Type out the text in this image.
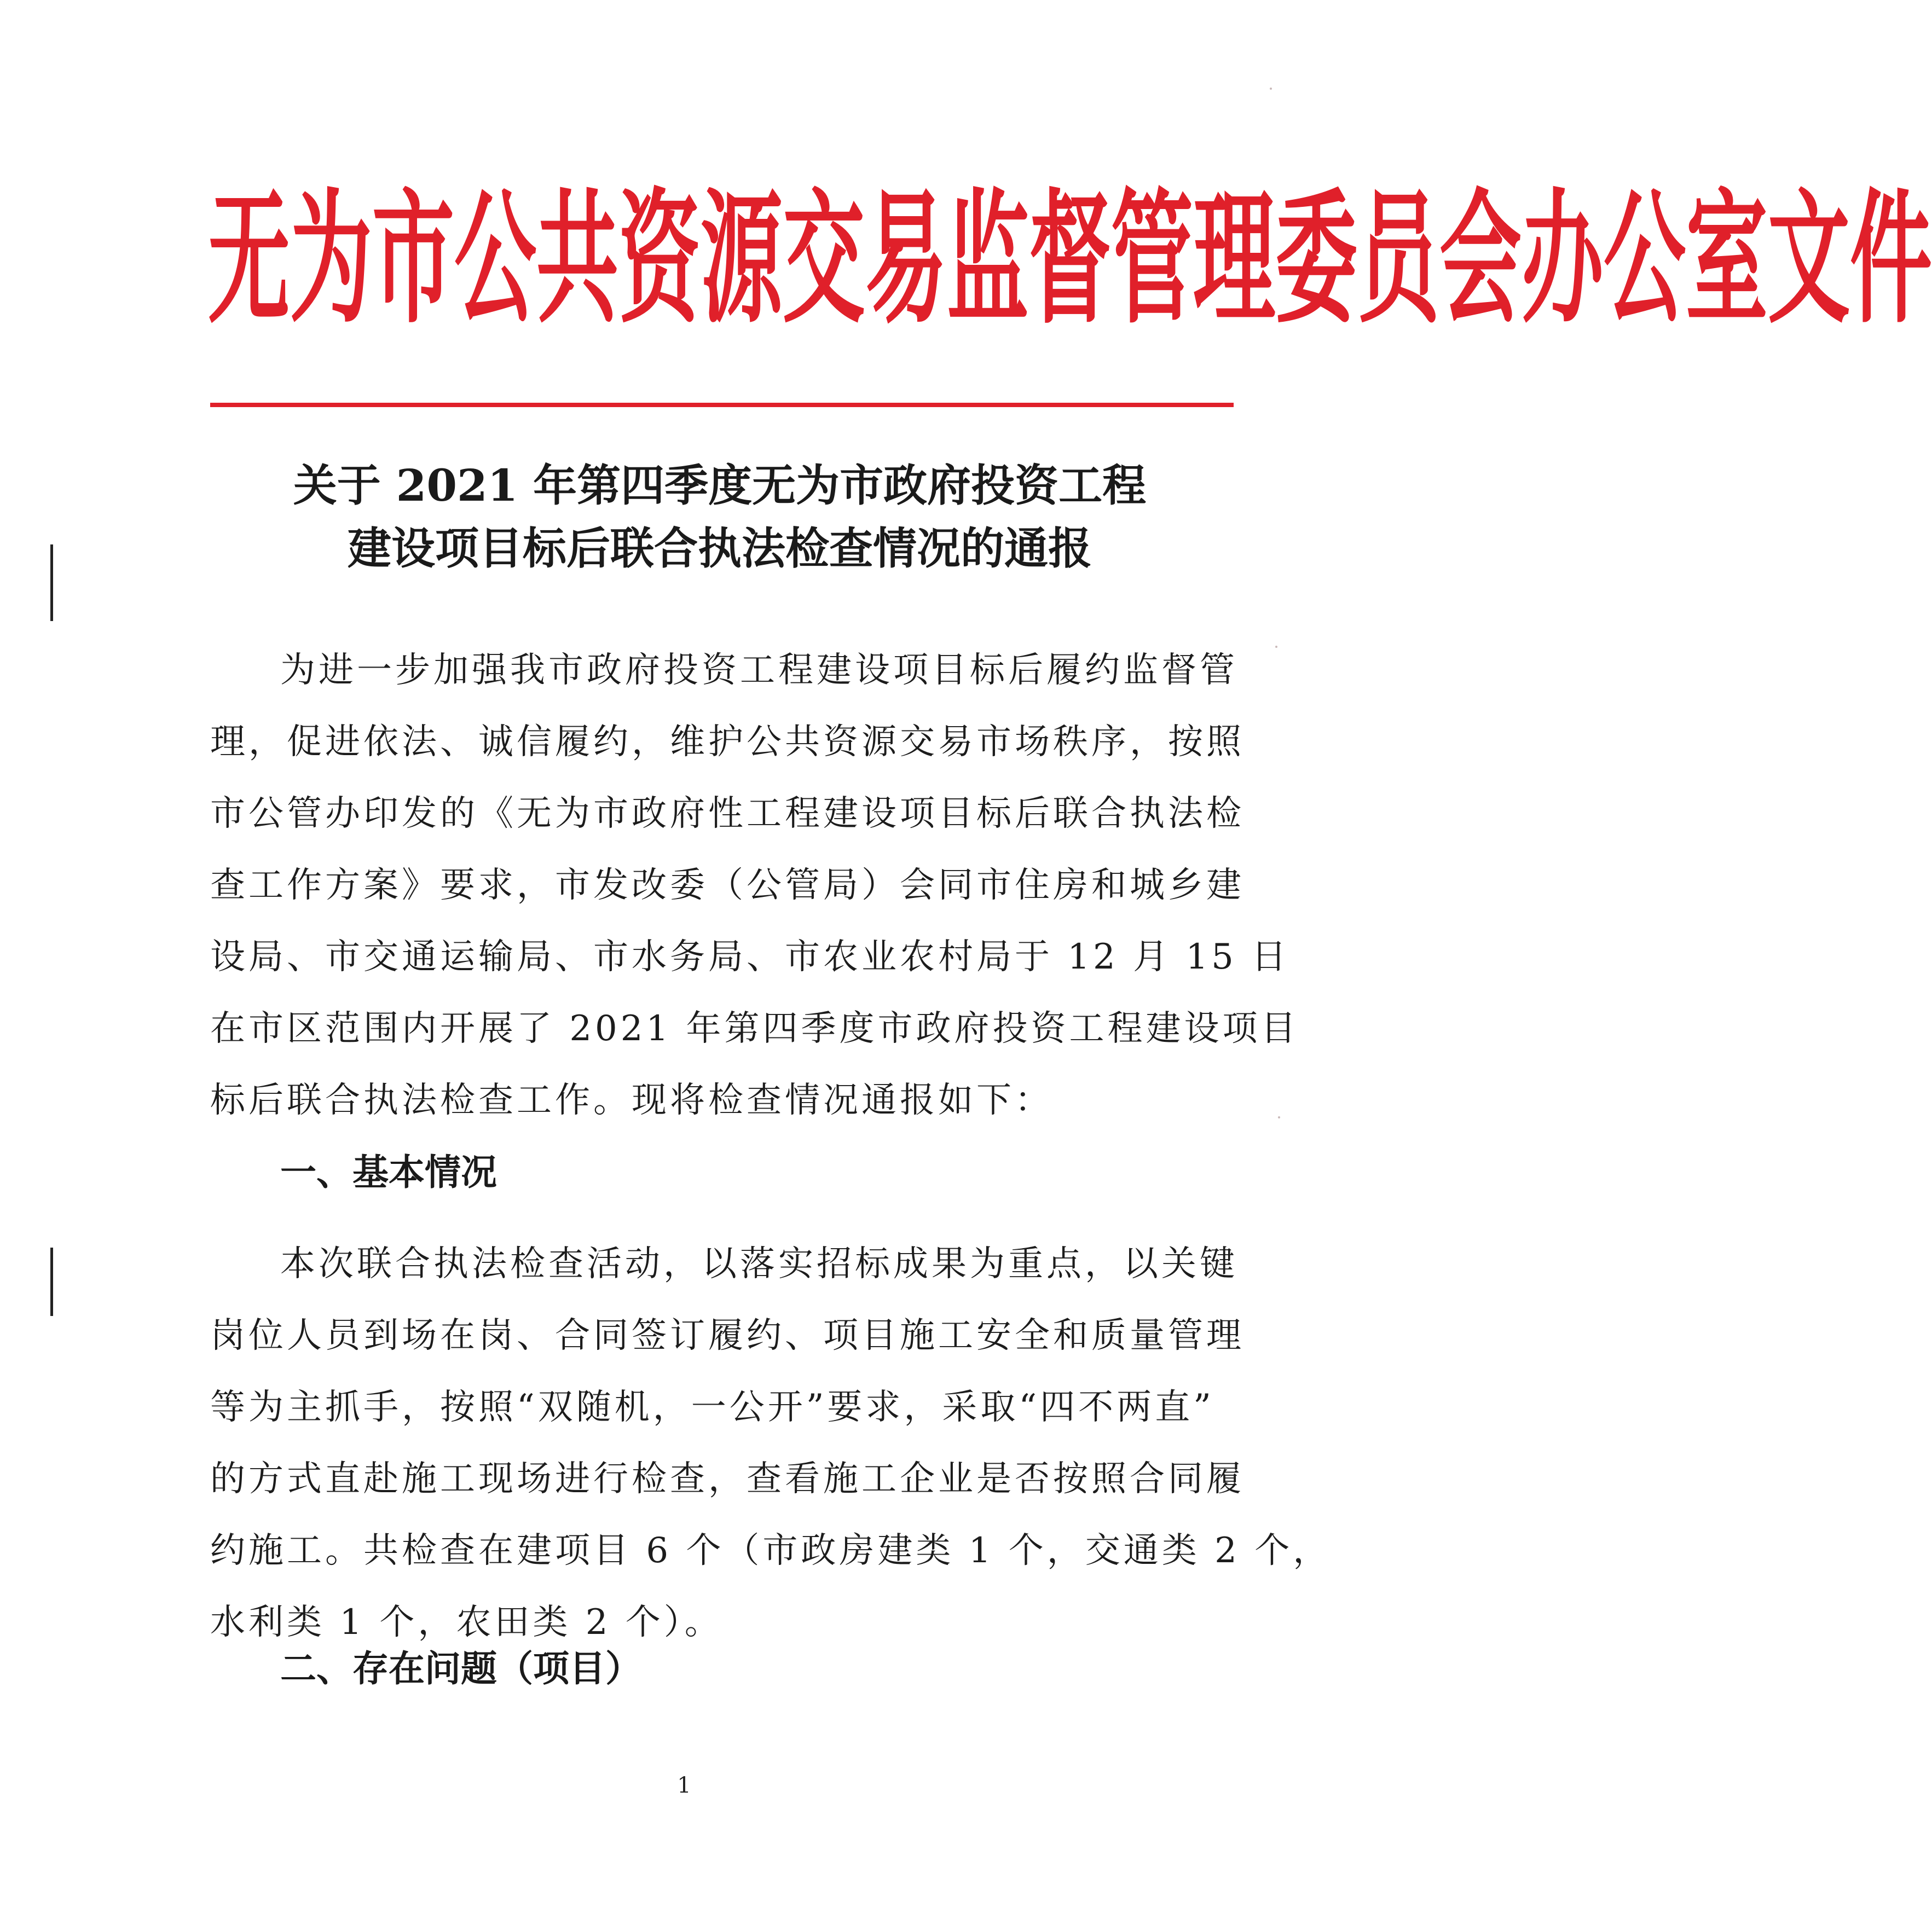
无为市公共资源交易监督管理委员会办公室文件
关于 2021 年第四季度无为市政府投资工程
建设项目标后联合执法检查情况的通报
为进一步加强我市政府投资工程建设项目标后履约监督管
理，促进依法、诚信履约，维护公共资源交易市场秩序，按照
市公管办印发的《无为市政府性工程建设项目标后联合执法检
查工作方案》要求，市发改委（公管局）会同市住房和城乡建
设局、市交通运输局、市水务局、市农业农村局于 12 月 15 日
在市区范围内开展了 2021 年第四季度市政府投资工程建设项目
标后联合执法检查工作。现将检查情况通报如下：
一、基本情况
本次联合执法检查活动，以落实招标成果为重点，以关键
岗位人员到场在岗、合同签订履约、项目施工安全和质量管理
等为主抓手，按照“双随机，一公开”要求，采取“四不两直”
的方式直赴施工现场进行检查，查看施工企业是否按照合同履
约施工。共检查在建项目 6 个（市政房建类 1 个，交通类 2 个，
水利类 1 个，农田类 2 个）。
二、存在问题（项目）
1
